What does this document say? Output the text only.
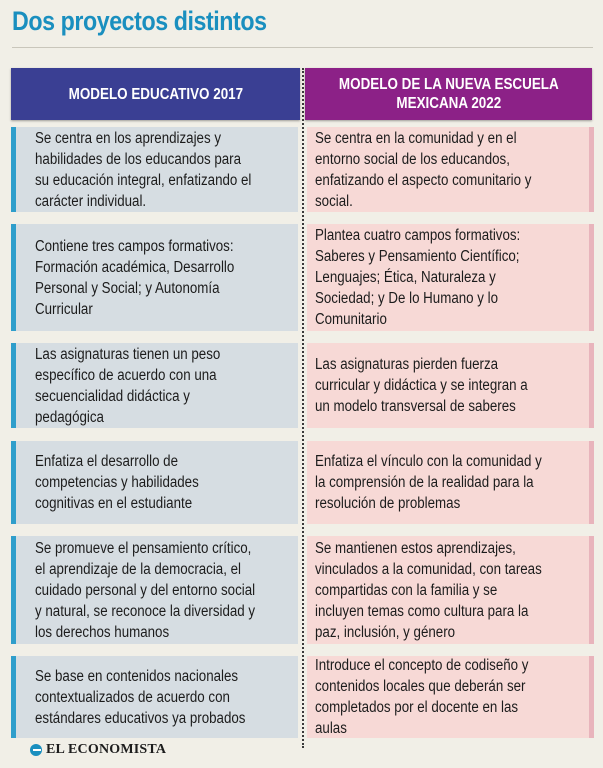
Dos proyectos distintos
MODELO EDUCATIVO 2017
MODELO DE LA NUEVA ESCUELA
MEXICANA 2022
Se centra en los aprendizajes y habilidades de los educandos para su educación integral, enfatizando el carácter individual.
Se centra en la comunidad y en el entorno social de los educandos, enfatizando el aspecto comunitario y social.
Contiene tres campos formativos: Formación académica, Desarrollo Personal y Social; y Autonomía Curricular
Plantea cuatro campos formativos: Saberes y Pensamiento Científico; Lenguajes; Ética, Naturaleza y Sociedad; y De lo Humano y lo Comunitario
Las asignaturas tienen un peso específico de acuerdo con una secuencialidad didáctica y pedagógica
Las asignaturas pierden fuerza curricular y didáctica y se integran a un modelo transversal de saberes
Enfatiza el desarrollo de competencias y habilidades cognitivas en el estudiante
Enfatiza el vínculo con la comunidad y la comprensión de la realidad para la resolución de problemas
Se promueve el pensamiento crítico, el aprendizaje de la democracia, el cuidado personal y del entorno social y natural, se reconoce la diversidad y los derechos humanos
Se mantienen estos aprendizajes, vinculados a la comunidad, con tareas compartidas con la familia y se incluyen temas como cultura para la paz, inclusión, y género
Se base en contenidos nacionales contextualizados de acuerdo con estándares educativos ya probados
Introduce el concepto de codiseño y contenidos locales que deberán ser completados por el docente en las aulas
EL ECONOMISTA
